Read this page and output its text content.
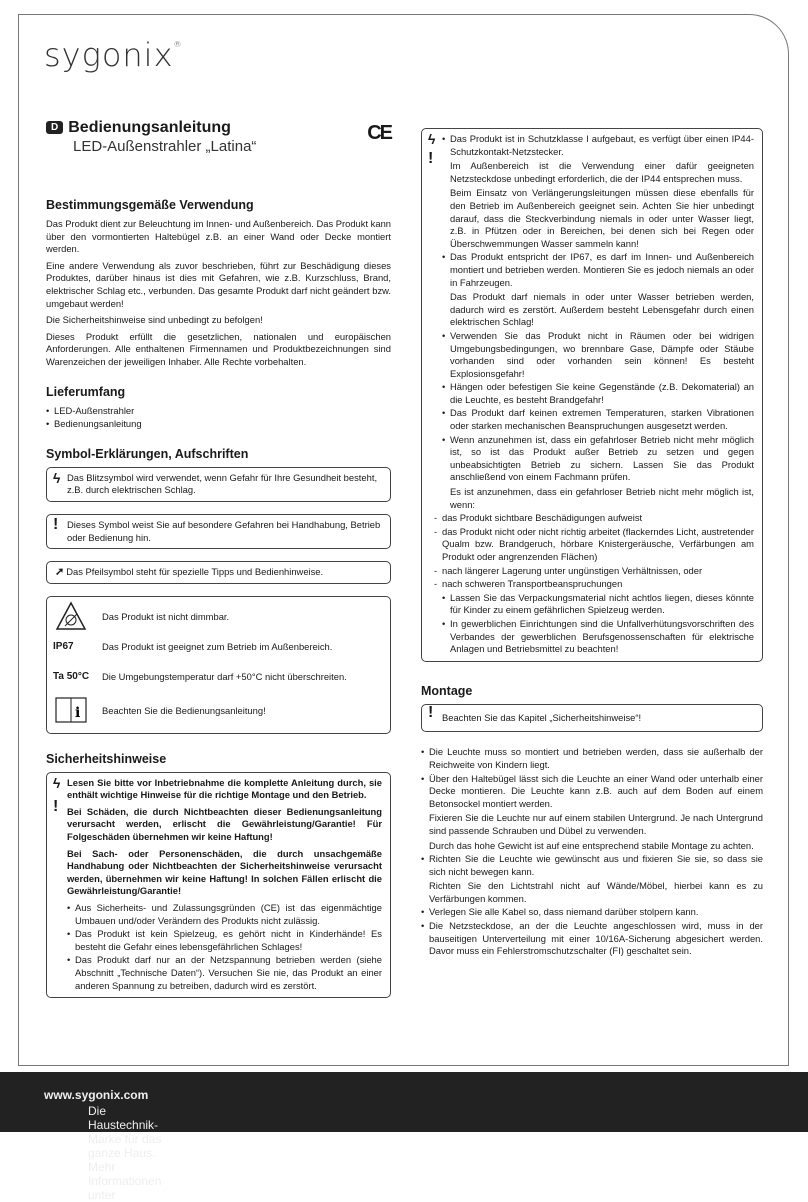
sygonix®
D Bedienungsanleitung
LED-Außenstrahler „Latina“
CE
Bestimmungsgemäße Verwendung

Das Produkt dient zur Beleuchtung im Innen- und Außenbereich. Das Produkt kann über den vormontierten Haltebügel z.B. an einer Wand oder Decke montiert werden.

Eine andere Verwendung als zuvor beschrieben, führt zur Beschädigung dieses Produktes, darüber hinaus ist dies mit Gefahren, wie z.B. Kurzschluss, Brand, elektrischer Schlag etc., verbunden. Das gesamte Produkt darf nicht geändert bzw. umgebaut werden!

Die Sicherheitshinweise sind unbedingt zu befolgen!

Dieses Produkt erfüllt die gesetzlichen, nationalen und europäischen Anforderungen. Alle enthaltenen Firmennamen und Produktbezeichnungen sind Warenzeichen der jeweiligen Inhaber. Alle Rechte vorbehalten.

Lieferumfang
• LED-Außenstrahler
• Bedienungsanleitung
Symbol-Erklärungen, Aufschriften
ϟ Das Blitzsymbol wird verwendet, wenn Gefahr für Ihre Gesundheit besteht, z.B. durch elektrischen Schlag.
! Dieses Symbol weist Sie auf besondere Gefahren bei Handhabung, Betrieb oder Bedienung hin.
➚ Das Pfeilsymbol steht für spezielle Tipps und Bedienhinweise.
Das Produkt ist nicht dimmbar.
IP67	Das Produkt ist geeignet zum Betrieb im Außenbereich.
Ta 50°C Die Umgebungstemperatur darf +50°C nicht überschreiten.
i Beachten Sie die Bedienungsanleitung!
Sicherheitshinweise
ϟ
!

Lesen Sie bitte vor Inbetriebnahme die komplette Anleitung durch, sie enthält wichtige Hinweise für die richtige Montage und den Betrieb.

Bei Schäden, die durch Nichtbeachten dieser Bedienungsanleitung verursacht werden, erlischt die Gewährleistung/Garantie! Für Folgeschäden übernehmen wir keine Haftung!

Bei Sach- oder Personenschäden, die durch unsachgemäße Handhabung oder Nichtbeachten der Sicherheitshinweise verursacht werden, übernehmen wir keine Haftung! In solchen Fällen erlischt die Gewährleistung/Garantie!

• Aus Sicherheits- und Zulassungsgründen (CE) ist das eigenmächtige Umbauen und/oder Verändern des Produkts nicht zulässig.
• Das Produkt ist kein Spielzeug, es gehört nicht in Kinderhände! Es besteht die Gefahr eines lebensgefährlichen Schlages!
• Das Produkt darf nur an der Netzspannung betrieben werden (siehe Abschnitt „Technische Daten“). Versuchen Sie nie, das Produkt an einer anderen Spannung zu betreiben, dadurch wird es zerstört.
ϟ
!
• Das Produkt ist in Schutzklasse I aufgebaut, es verfügt über einen IP44-Schutzkontakt-Netzstecker.
Im Außenbereich ist die Verwendung einer dafür geeigneten Netzsteckdose unbedingt erforderlich, die der IP44 entsprechen muss.
Beim Einsatz von Verlängerungsleitungen müssen diese ebenfalls für den Betrieb im Außenbereich geeignet sein. Achten Sie hier unbedingt darauf, dass die Steckverbindung niemals in oder unter Wasser liegt, z.B. in Pfützen oder in Bereichen, bei denen sich bei Regen oder Überschwemmungen Wasser sammeln kann!
• Das Produkt entspricht der IP67, es darf im Innen- und Außenbereich montiert und betrieben werden. Montieren Sie es jedoch niemals an oder in Fahrzeugen.
Das Produkt darf niemals in oder unter Wasser betrieben werden, dadurch wird es zerstört. Außerdem besteht Lebensgefahr durch einen elektrischen Schlag!
• Verwenden Sie das Produkt nicht in Räumen oder bei widrigen Umgebungsbedingungen, wo brennbare Gase, Dämpfe oder Stäube vorhanden sind oder vorhanden sein können! Es besteht Explosionsgefahr!
• Hängen oder befestigen Sie keine Gegenstände (z.B. Dekomaterial) an die Leuchte, es besteht Brandgefahr!
• Das Produkt darf keinen extremen Temperaturen, starken Vibrationen oder starken mechanischen Beanspruchungen ausgesetzt werden.
• Wenn anzunehmen ist, dass ein gefahrloser Betrieb nicht mehr möglich ist, so ist das Produkt außer Betrieb zu setzen und gegen unbeabsichtigten Betrieb zu sichern. Lassen Sie das Produkt anschließend von einem Fachmann prüfen.
Es ist anzunehmen, dass ein gefahrloser Betrieb nicht mehr möglich ist, wenn:
- das Produkt sichtbare Beschädigungen aufweist
- das Produkt nicht oder nicht richtig arbeitet (flackerndes Licht, austretender Qualm bzw. Brandgeruch, hörbare Knistergeräusche, Verfärbungen am Produkt oder angrenzenden Flächen)
- nach längerer Lagerung unter ungünstigen Verhältnissen, oder
- nach schweren Transportbeanspruchungen
• Lassen Sie das Verpackungsmaterial nicht achtlos liegen, dieses könnte für Kinder zu einem gefährlichen Spielzeug werden.
• In gewerblichen Einrichtungen sind die Unfallverhütungsvorschriften des Verbandes der gewerblichen Berufsgenossenschaften für elektrische Anlagen und Betriebsmittel zu beachten!
Montage
! Beachten Sie das Kapitel „Sicherheitshinweise“!
• Die Leuchte muss so montiert und betrieben werden, dass sie außerhalb der Reichweite von Kindern liegt.
• Über den Haltebügel lässt sich die Leuchte an einer Wand oder unterhalb einer Decke montieren. Die Leuchte kann z.B. auch auf dem Boden auf einem Betonsockel montiert werden.
Fixieren Sie die Leuchte nur auf einem stabilen Untergrund. Je nach Untergrund sind passende Schrauben und Dübel zu verwenden.
Durch das hohe Gewicht ist auf eine entsprechend stabile Montage zu achten.
• Richten Sie die Leuchte wie gewünscht aus und fixieren Sie sie, so dass sie sich nicht bewegen kann.
Richten Sie den Lichtstrahl nicht auf Wände/Möbel, hierbei kann es zu Verfärbungen kommen.
• Verlegen Sie alle Kabel so, dass niemand darüber stolpern kann.
• Die Netzsteckdose, an der die Leuchte angeschlossen wird, muss in der bauseitigen Unterverteilung mit einer 10/16A-Sicherung abgesichert werden. Davor muss ein Fehlerstromschutzschalter (FI) geschaltet sein.
Die Haustechnik-Marke für das ganze Haus. Mehr Informationen unter
www.sygonix.com
